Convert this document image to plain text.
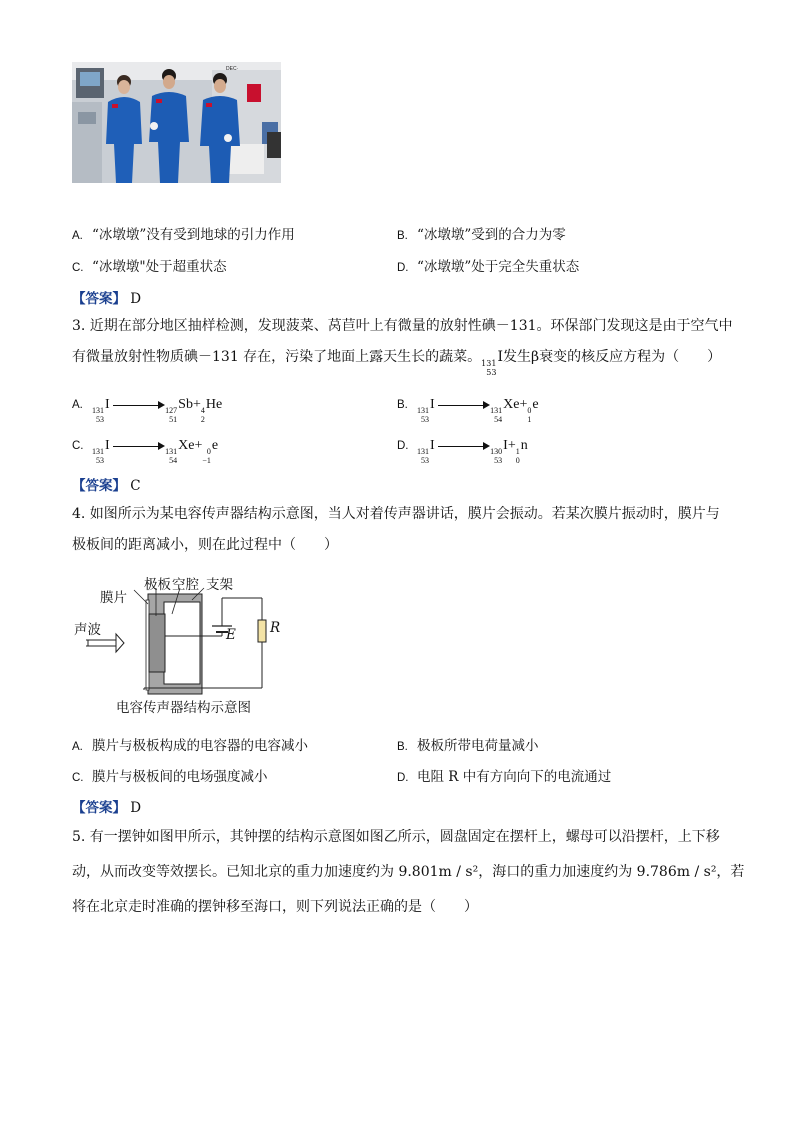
DEC·
A. “冰墩墩”没有受到地球的引力作用	B. “冰墩墩”受到的合力为零
C. “冰墩墩"处于超重状态	D. “冰墩墩”处于完全失重状态
【答案】 D
3. 近期在部分地区抽样检测，发现菠菜、莴苣叶上有微量的放射性碘－131。环保部门发现这是由于空气中
有微量放射性物质碘－131 存在，污染了地面上露天生长的蔬菜。 131
53
I发生β衰变的核反应方程为（　　）
A. 131
53
I	127
51
Sb+ 4
2
He	B. 131
53
I	131
54
Xe+ 0
1
e
C. 131
53
I	131
54
Xe+ 0
−1
e	D. 131
53
I	130
53
I+ 1
0
n
【答案】 C
4. 如图所示为某电容传声器结构示意图，当人对着传声器讲话，膜片会振动。若某次膜片振动时，膜片与
极板间的距离减小，则在此过程中（　　）
膜片
极板 空腔 支架
声波	E	R
电容传声器结构示意图
A. 膜片与极板构成的电容器的电容减小	B. 极板所带电荷量减小
C. 膜片与极板间的电场强度减小	D. 电阻 R 中有方向向下的电流通过
【答案】 D
5. 有一摆钟如图甲所示，其钟摆的结构示意图如图乙所示，圆盘固定在摆杆上，螺母可以沿摆杆，上下移
动，从而改变等效摆长。已知北京的重力加速度约为 9.801m / s²，海口的重力加速度约为 9.786m / s²，若
将在北京走时准确的摆钟移至海口，则下列说法正确的是（　　）
